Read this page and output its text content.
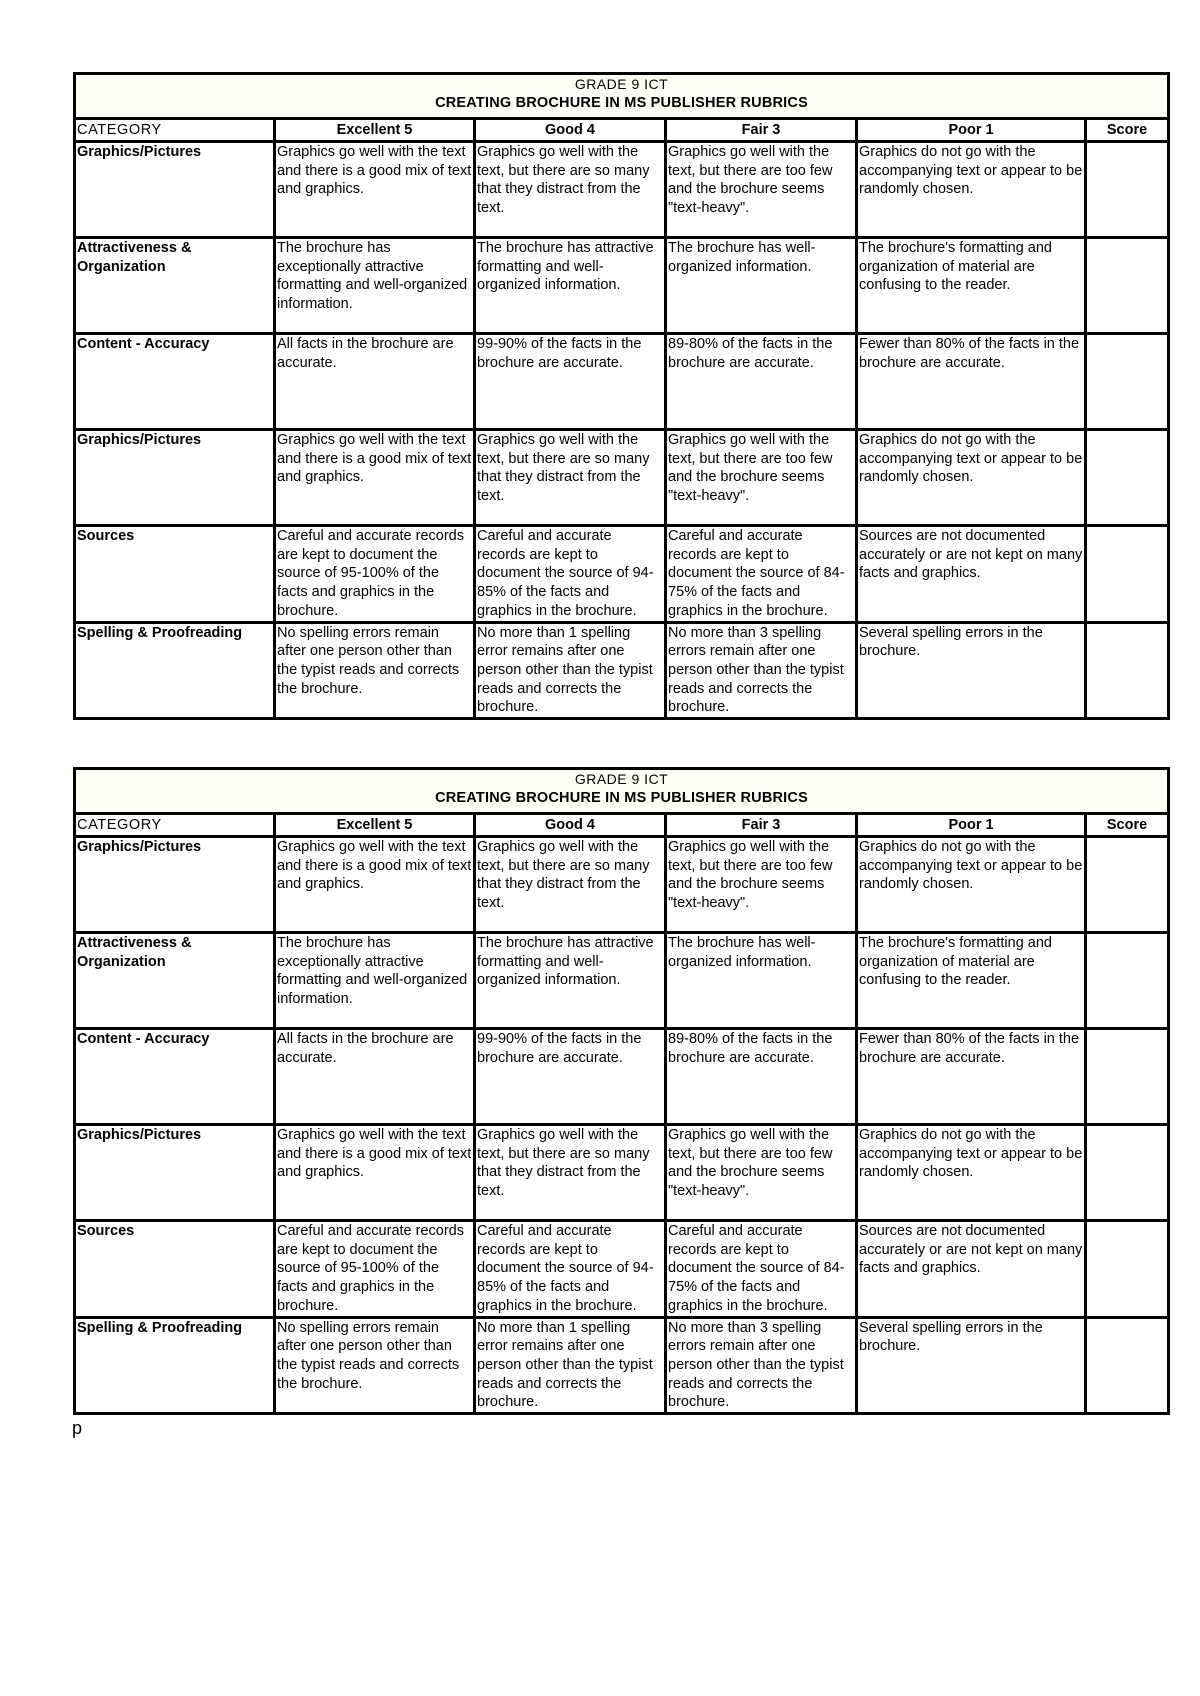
GRADE 9 ICT
CREATING BROCHURE IN MS PUBLISHER RUBRICS					

CATEGORY	Excellent 5	Good 4	Fair 3	Poor 1	Score
Graphics/Pictures	Graphics go well with the text and there is a good mix of text and graphics.	Graphics go well with the text, but there are so many that they distract from the text.	Graphics go well with the text, but there are too few and the brochure seems "text-heavy".	Graphics do not go with the accompanying text or appear to be randomly chosen.	
Attractiveness & Organization	The brochure has exceptionally attractive formatting and well-organized information.	The brochure has attractive formatting and well-organized information.	The brochure has well-organized information.	The brochure's formatting and organization of material are confusing to the reader.	
Content - Accuracy	All facts in the brochure are accurate.	99-90% of the facts in the brochure are accurate.	89-80% of the facts in the brochure are accurate.	Fewer than 80% of the facts in the brochure are accurate.	
Graphics/Pictures	Graphics go well with the text and there is a good mix of text and graphics.	Graphics go well with the text, but there are so many that they distract from the text.	Graphics go well with the text, but there are too few and the brochure seems "text-heavy".	Graphics do not go with the accompanying text or appear to be randomly chosen.	
Sources	Careful and accurate records are kept to document the source of 95-100% of the facts and graphics in the brochure.	Careful and accurate records are kept to document the source of 94-85% of the facts and graphics in the brochure.	Careful and accurate records are kept to document the source of 84-75% of the facts and graphics in the brochure.	Sources are not documented accurately or are not kept on many facts and graphics.	
Spelling & Proofreading	No spelling errors remain after one person other than the typist reads and corrects the brochure.	No more than 1 spelling error remains after one person other than the typist reads and corrects the brochure.	No more than 3 spelling errors remain after one person other than the typist reads and corrects the brochure.	Several spelling errors in the brochure.	
GRADE 9 ICT
CREATING BROCHURE IN MS PUBLISHER RUBRICS					

CATEGORY	Excellent 5	Good 4	Fair 3	Poor 1	Score
Graphics/Pictures	Graphics go well with the text and there is a good mix of text and graphics.	Graphics go well with the text, but there are so many that they distract from the text.	Graphics go well with the text, but there are too few and the brochure seems "text-heavy".	Graphics do not go with the accompanying text or appear to be randomly chosen.	
Attractiveness & Organization	The brochure has exceptionally attractive formatting and well-organized information.	The brochure has attractive formatting and well-organized information.	The brochure has well-organized information.	The brochure's formatting and organization of material are confusing to the reader.	
Content - Accuracy	All facts in the brochure are accurate.	99-90% of the facts in the brochure are accurate.	89-80% of the facts in the brochure are accurate.	Fewer than 80% of the facts in the brochure are accurate.	
Graphics/Pictures	Graphics go well with the text and there is a good mix of text and graphics.	Graphics go well with the text, but there are so many that they distract from the text.	Graphics go well with the text, but there are too few and the brochure seems "text-heavy".	Graphics do not go with the accompanying text or appear to be randomly chosen.	
Sources	Careful and accurate records are kept to document the source of 95-100% of the facts and graphics in the brochure.	Careful and accurate records are kept to document the source of 94-85% of the facts and graphics in the brochure.	Careful and accurate records are kept to document the source of 84-75% of the facts and graphics in the brochure.	Sources are not documented accurately or are not kept on many facts and graphics.	
Spelling & Proofreading	No spelling errors remain after one person other than the typist reads and corrects the brochure.	No more than 1 spelling error remains after one person other than the typist reads and corrects the brochure.	No more than 3 spelling errors remain after one person other than the typist reads and corrects the brochure.	Several spelling errors in the brochure.	
p
